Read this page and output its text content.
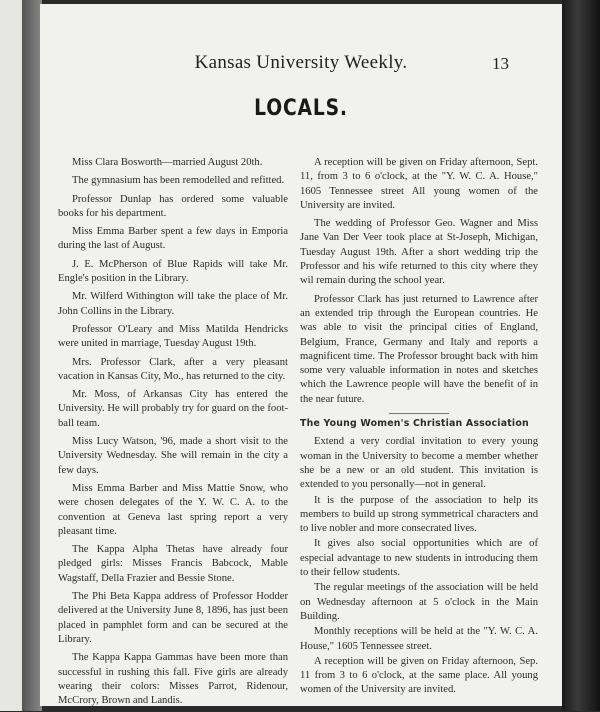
Kansas University Weekly.	13
LOCALS.

Miss Clara Bosworth—married August 20th.

The gymnasium has been remodelled and refitted.

Professor Dunlap has ordered some valuable books for his department.

Miss Emma Barber spent a few days in Emporia during the last of August.

J. E. McPherson of Blue Rapids will take Mr. Engle's position in the Library.

Mr. Wilferd Withington will take the place of Mr. John Collins in the Library.

Professor O'Leary and Miss Matilda Hendricks were united in marriage, Tuesday August 19th.

Mrs. Professor Clark, after a very pleasant vacation in Kansas City, Mo., has returned to the city.

Mr. Moss, of Arkansas City has entered the University. He will probably try for guard on the foot-ball team.

Miss Lucy Watson, '96, made a short visit to the University Wednesday. She will remain in the city a few days.

Miss Emma Barber and Miss Mattie Snow, who were chosen delegates of the Y. W. C. A. to the convention at Geneva last spring report a very pleasant time.

The Kappa Alpha Thetas have already four pledged girls: Misses Francis Babcock, Mable Wagstaff, Della Frazier and Bessie Stone.

The Phi Beta Kappa address of Professor Hodder delivered at the University June 8, 1896, has just been placed in pamphlet form and can be secured at the Library.

The Kappa Kappa Gammas have been more than successful in rushing this fall. Five girls are already wearing their colors: Misses Parrot, Ridenour, McCrory, Brown and Landis.

A reception will be given on Friday afternoon, Sept. 11, from 3 to 6 o'clock, at the "Y. W. C. A. House," 1605 Tennessee street All young women of the University are invited.

The wedding of Professor Geo. Wagner and Miss Jane Van Der Veer took place at St-Joseph, Michigan, Tuesday August 19th. After a short wedding trip the Professor and his wife returned to this city where they wil remain during the school year.

Professor Clark has just returned to Lawrence after an extended trip through the European countries. He was able to visit the principal cities of England, Belgium, France, Germany and Italy and reports a magnificent time. The Professor brought back with him some very valuable information in notes and sketches which the Lawrence people will have the benefit of in the near future.

The Young Women's Christian Association

Extend a very cordial invitation to every young woman in the University to become a member whether she be a new or an old student. This invitation is extended to you personally—not in general.

It is the purpose of the association to help its members to build up strong symmetrical characters and to live nobler and more consecrated lives.

It gives also social opportunities which are of especial advantage to new students in introducing them to their fellow students.

The regular meetings of the association will be held on Wednesday afternoon at 5 o'clock in the Main Building.

Monthly receptions will be held at the "Y. W. C. A. House," 1605 Tennessee street.

A reception will be given on Friday afternoon, Sep. 11 from 3 to 6 o'clock, at the same place. All young women of the University are invited.
